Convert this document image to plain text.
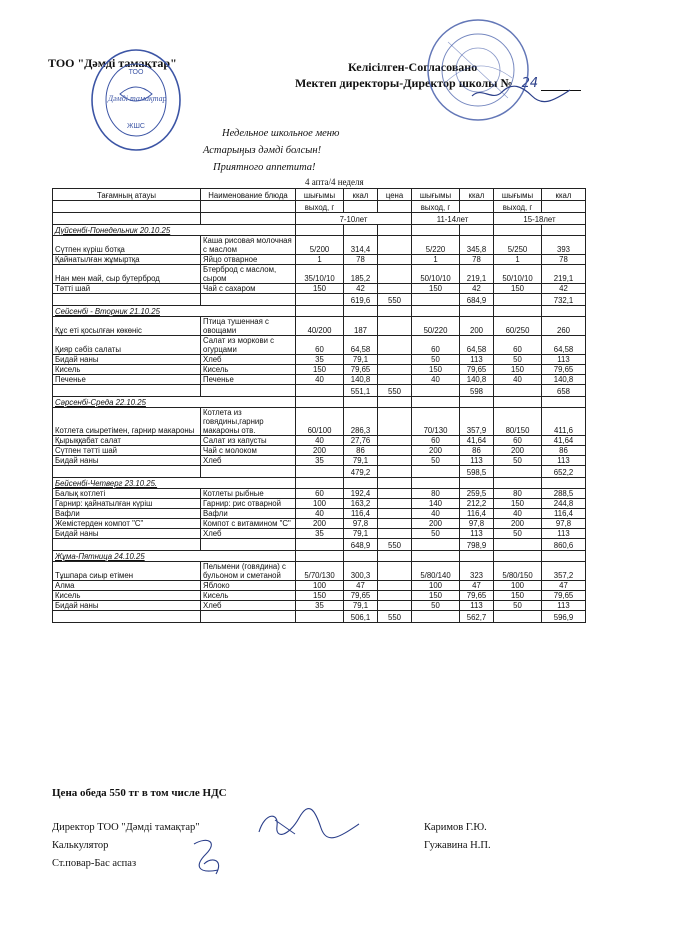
ТОО "Дәмді тамақтар"	Келісілген-Согласовано
Мектеп директоры-Директор школы № 24
ТОО
ЖШС
Дәмді тамақтар
Недельное школьное меню
Астарыңыз дәмді болсын!
Приятного аппетита!
4 апта/4 неделя
Тағамның атауы	Наименование блюда	шығымы	ккал	цена	шығымы	ккал	шығымы	ккал
		выход, г			выход, г		выход, г	
		7-10лет			11-14лет		15-18лет	
Дүйсенбі-Понедельник 20.10.25								
Сүтпен күріш ботқа	Каша рисовая молочная с маслом	5/200	314,4		5/220	345,8	5/250	393
Қайнатылған жұмыртқа	Яйцо отварное	1	78		1	78	1	78
Нан мен май, сыр бутерброд	Бтерброд с маслом, сыром	35/10/10	185,2		50/10/10	219,1	50/10/10	219,1
Тәтті шай	Чай с сахаром	150	42		150	42	150	42
			619,6	550		684,9		732,1
Сейсенбі - Вторник 21.10.25								
Құс еті қосылған көкөніс	Птица тушенная с овощами	40/200	187		50/220	200	60/250	260
Қияр сәбіз салаты	Салат из моркови с огурцами	60	64,58		60	64,58	60	64,58
Бидай наны	Хлеб	35	79,1		50	113	50	113
Кисель	Кисель	150	79,65		150	79,65	150	79,65
Печенье	Печенье	40	140,8		40	140,8	40	140,8
			551,1	550		598		658
Сәрсенбі-Среда 22.10.25								
Котлета сиыретімен, гарнир макароны	Котлета из говядины,гарнир макароны отв.	60/100	286,3		70/130	357,9	80/150	411,6
Қырыққабат салат	Салат из капусты	40	27,76		60	41,64	60	41,64
Сүтпен тәтті шай	Чай с молоком	200	86		200	86	200	86
Бидай наны	Хлеб	35	79,1		50	113	50	113
			479,2			598,5		652,2
Бейсенбі-Четверг 23.10.25.								
Балық котлеті	Котлеты рыбные	60	192,4		80	259,5	80	288,5
Гарнир: қайнатылған күріш	Гарнир: рис отварной	100	163,2		140	212,2	150	244,8
Вафли	Вафли	40	116,4		40	116,4	40	116,4
Жемістерден компот "С"	Компот с витамином "С"	200	97,8		200	97,8	200	97,8
Бидай наны	Хлеб	35	79,1		50	113	50	113
			648,9	550		798,9		860,6
Жұма-Пятница 24.10.25								
Тұшпара сиыр етімен	Пельмени (говядина) с бульоном и сметаной	5/70/130	300,3		5/80/140	323	5/80/150	357,2
Алма	Яблоко	100	47		100	47	100	47
Кисель	Кисель	150	79,65		150	79,65	150	79,65
Бидай наны	Хлеб	35	79,1		50	113	50	113
			506,1	550		562,7		596,9
Цена обеда 550 тг в том числе НДС
Директор ТОО "Дәмді тамақтар"	Каримов Г.Ю.
Калькулятор	Гужавина Н.П.
Ст.повар-Бас аспаз
